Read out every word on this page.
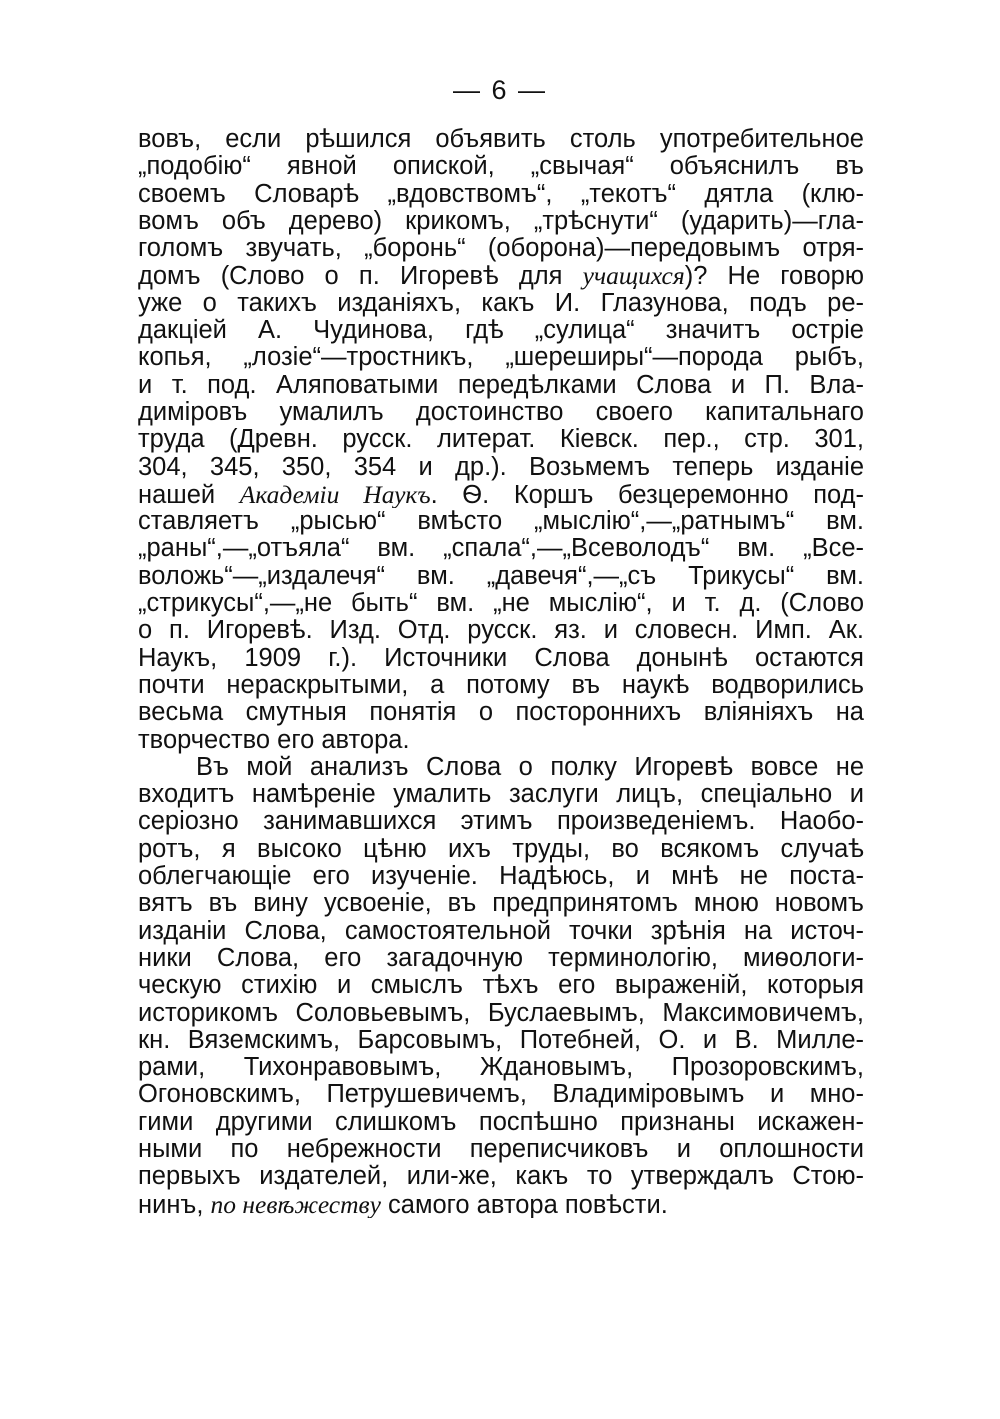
— 6 —
вовъ, если рѣшился объявить столь употребительное
„подобію“ явной опиской, „свычая“ объяснилъ въ
своемъ Словарѣ „вдовствомъ“, „текотъ“ дятла (клю-
вомъ объ дерево) крикомъ, „трѣснути“ (ударить)—гла-
голомъ звучать, „боронь“ (оборона)—передовымъ отря-
домъ (Слово о п. Игоревѣ для учащихся)? Не говорю
уже о такихъ изданіяхъ, какъ И. Глазунова, подъ ре-
дакціей А. Чудинова, гдѣ „сулица“ значитъ остріе
копья, „лозіе“—тростникъ, „шереширы“—порода рыбъ,
и т. под. Аляповатыми передѣлками Слова и П. Вла-
диміровъ умалилъ достоинство своего капитальнаго
труда (Древн. русск. литерат. Кіевск. пер., стр. 301,
304, 345, 350, 354 и др.). Возьмемъ теперь изданіе
нашей Академіи Наукъ. Ѳ. Коршъ безцеремонно под-
ставляетъ „рысью“ вмѣсто „мыслію“,—„ратнымъ“ вм.
„раны“,—„отъяла“ вм. „спала“,—„Всеволодъ“ вм. „Все-
воложь“—„издалечя“ вм. „давечя“,—„съ Трикусы“ вм.
„стрикусы“,—„не быть“ вм. „не мыслію“, и т. д. (Слово
о п. Игоревѣ. Изд. Отд. русск. яз. и словесн. Имп. Ак.
Наукъ, 1909 г.). Источники Слова донынѣ остаются
почти нераскрытыми, а потому въ наукѣ водворились
весьма смутныя понятія о постороннихъ вліяніяхъ на
творчество его автора.
Въ мой анализъ Слова о полку Игоревѣ вовсе не
входитъ намѣреніе умалить заслуги лицъ, спеціально и
серіозно занимавшихся этимъ произведеніемъ. Наобо-
ротъ, я высоко цѣню ихъ труды, во всякомъ случаѣ
облегчающіе его изученіе. Надѣюсь, и мнѣ не поста-
вятъ въ вину усвоеніе, въ предпринятомъ мною новомъ
изданіи Слова, самостоятельной точки зрѣнія на источ-
ники Слова, его загадочную терминологію, миѳологи-
ческую стихію и смыслъ тѣхъ его выраженій, которыя
историкомъ Соловьевымъ, Буслаевымъ, Максимовичемъ,
кн. Вяземскимъ, Барсовымъ, Потебней, О. и В. Милле-
рами, Тихонравовымъ, Ждановымъ, Прозоровскимъ,
Огоновскимъ, Петрушевичемъ, Владиміровымъ и мно-
гими другими слишкомъ поспѣшно признаны искажен-
ными по небрежности переписчиковъ и оплошности
первыхъ издателей, или-же, какъ то утверждалъ Стою-
нинъ, по невѣжеству самого автора повѣсти.
